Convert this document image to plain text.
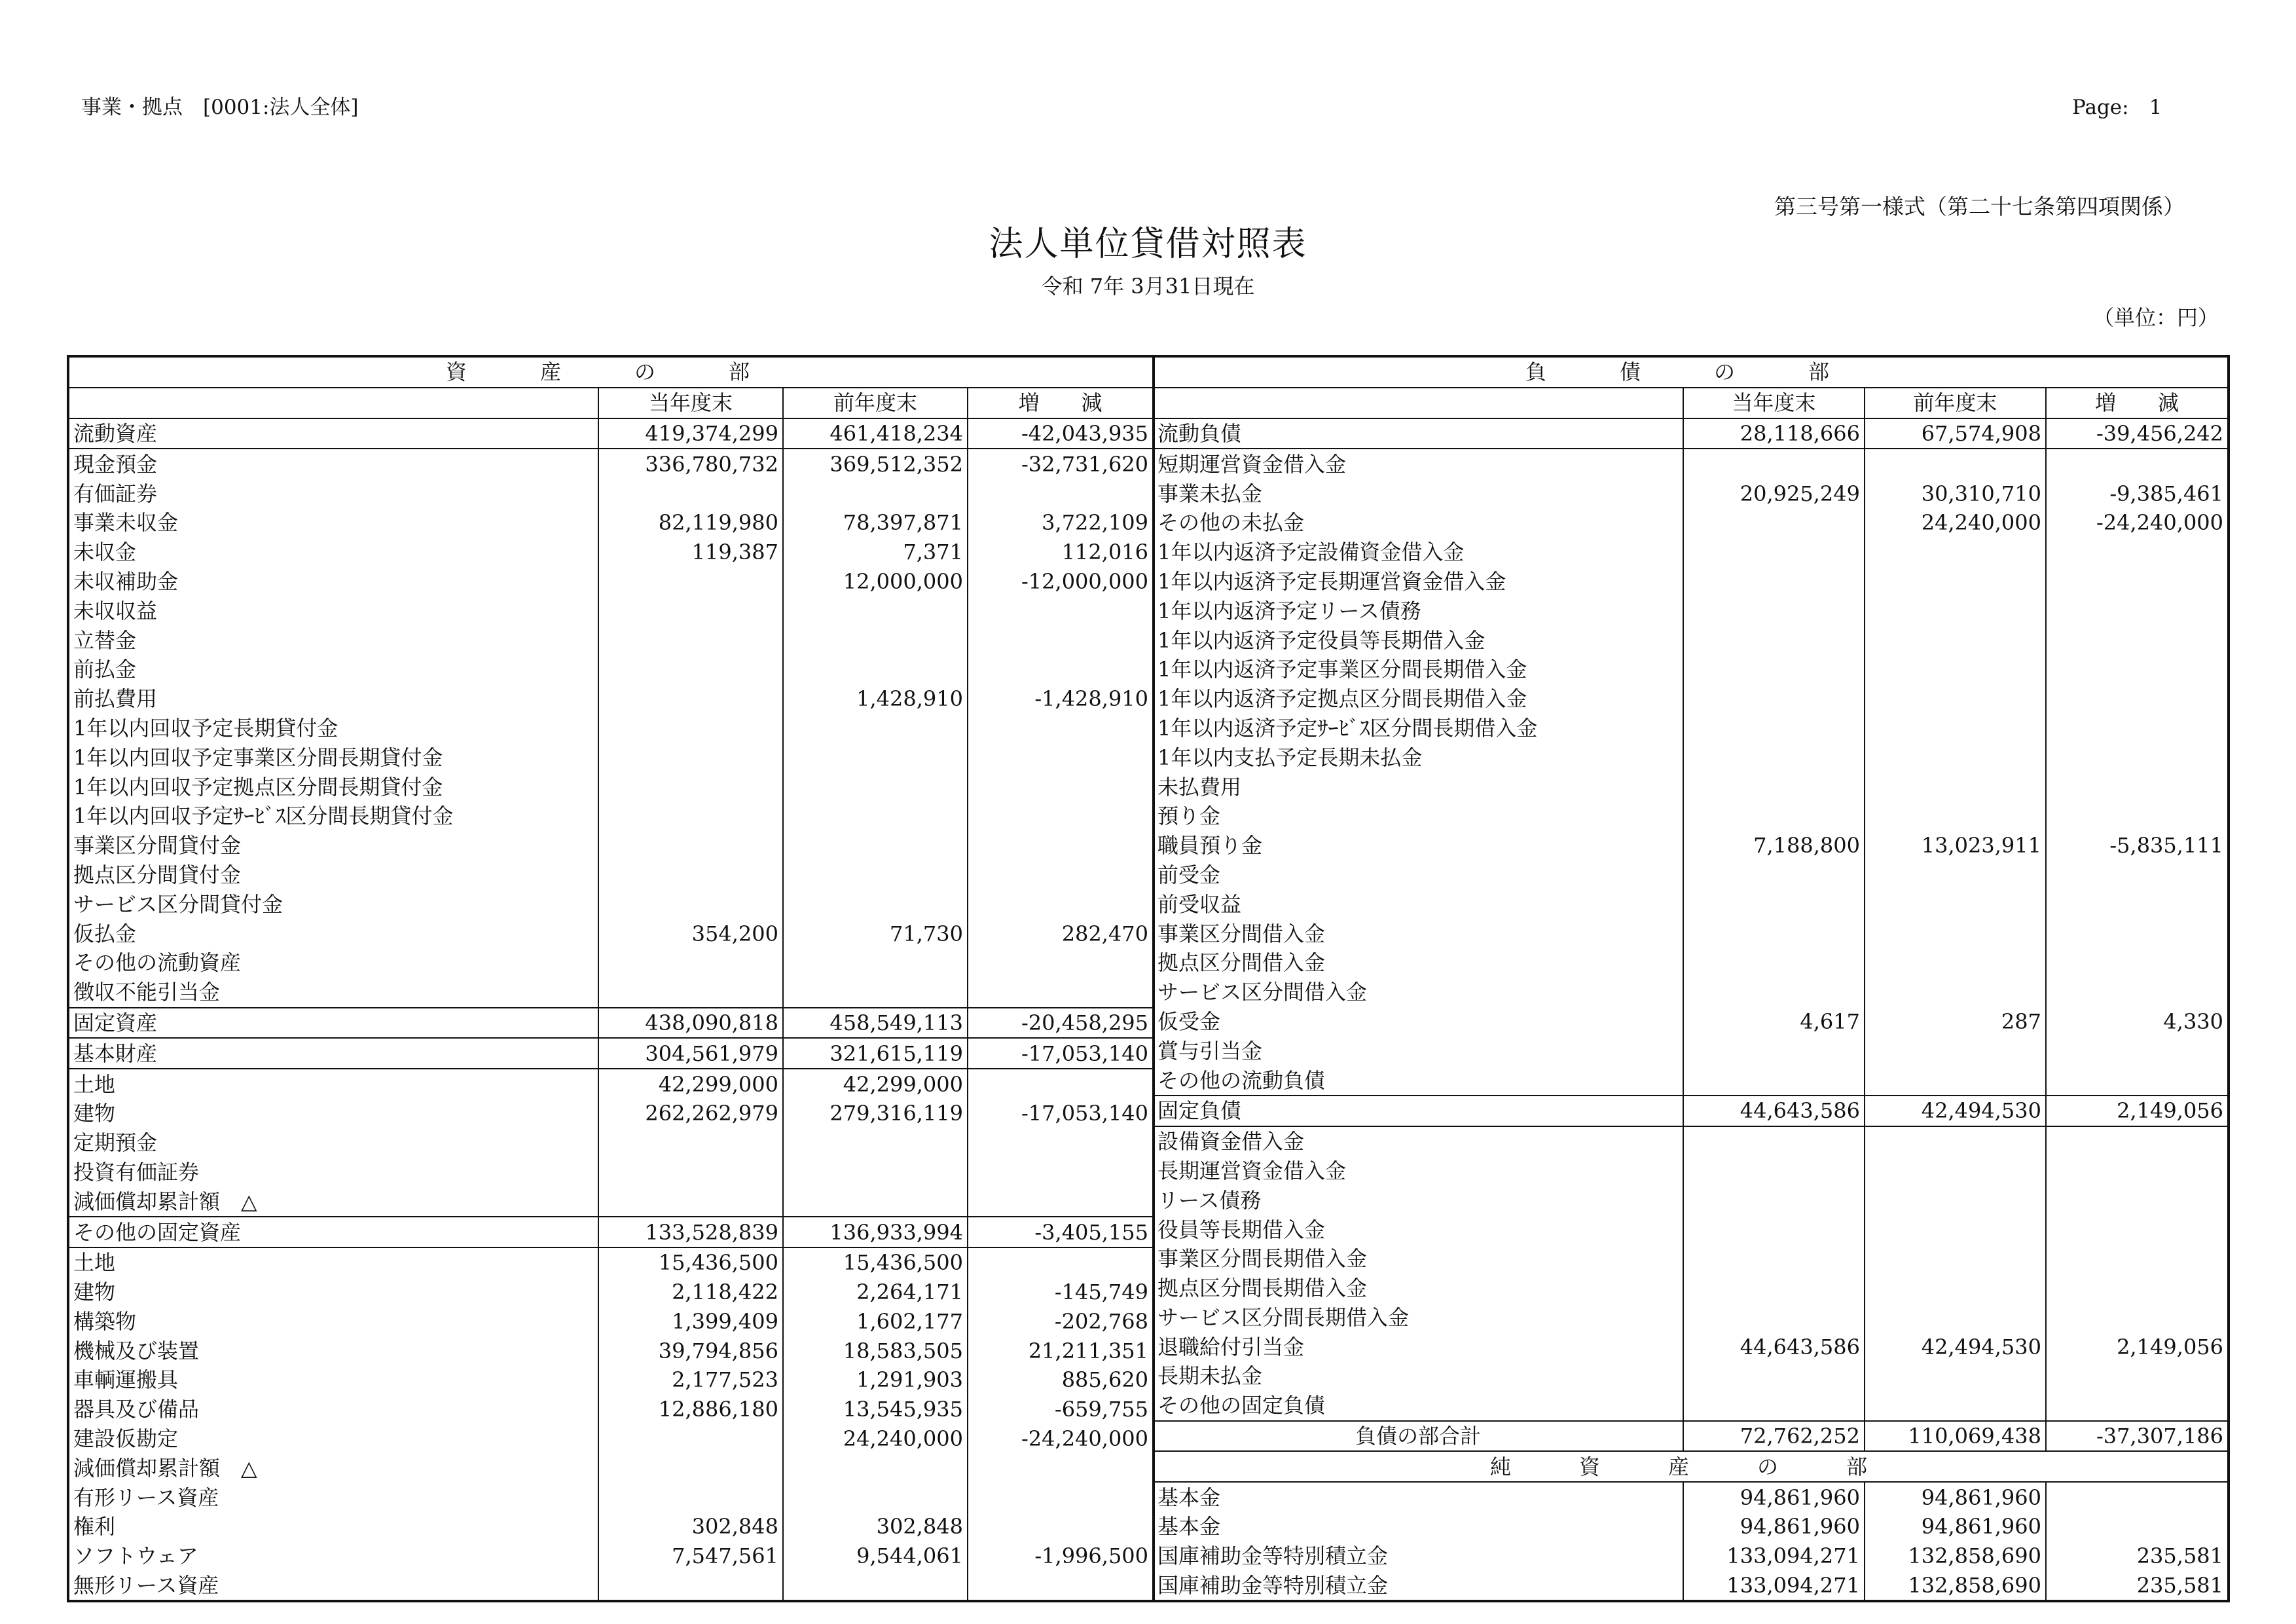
事業・拠点　[0001:法人全体]	Page:　1
第三号第一様式（第二十七条第四項関係）
法人単位貸借対照表
令和 7年 3月31日現在
（単位：円）
資　産　の　部			
	当年度末	前年度末	増　　減
流動資産	419,374,299	461,418,234	-42,043,935
現金預金	336,780,732	369,512,352	-32,731,620
有価証券			
事業未収金	82,119,980	78,397,871	3,722,109
未収金	119,387	7,371	112,016
未収補助金		12,000,000	-12,000,000
未収収益			
立替金			
前払金			
前払費用		1,428,910	-1,428,910
1年以内回収予定長期貸付金			
1年以内回収予定事業区分間長期貸付金			
1年以内回収予定拠点区分間長期貸付金			
1年以内回収予定ｻｰﾋﾞｽ区分間長期貸付金			
事業区分間貸付金			
拠点区分間貸付金			
サービス区分間貸付金			
仮払金	354,200	71,730	282,470
その他の流動資産			
徴収不能引当金			
固定資産	438,090,818	458,549,113	-20,458,295
基本財産	304,561,979	321,615,119	-17,053,140
土地	42,299,000	42,299,000	
建物	262,262,979	279,316,119	-17,053,140
定期預金			
投資有価証券			
減価償却累計額　△			
その他の固定資産	133,528,839	136,933,994	-3,405,155
土地	15,436,500	15,436,500	
建物	2,118,422	2,264,171	-145,749
構築物	1,399,409	1,602,177	-202,768
機械及び装置	39,794,856	18,583,505	21,211,351
車輌運搬具	2,177,523	1,291,903	885,620
器具及び備品	12,886,180	13,545,935	-659,755
建設仮勘定		24,240,000	-24,240,000
減価償却累計額　△			
有形リース資産			
権利	302,848	302,848	
ソフトウェア	7,547,561	9,544,061	-1,996,500
無形リース資産			
負　債　の　部			
	当年度末	前年度末	増　　減
流動負債	28,118,666	67,574,908	-39,456,242
短期運営資金借入金			
事業未払金	20,925,249	30,310,710	-9,385,461
その他の未払金		24,240,000	-24,240,000
1年以内返済予定設備資金借入金			
1年以内返済予定長期運営資金借入金			
1年以内返済予定リース債務			
1年以内返済予定役員等長期借入金			
1年以内返済予定事業区分間長期借入金			
1年以内返済予定拠点区分間長期借入金			
1年以内返済予定ｻｰﾋﾞｽ区分間長期借入金			
1年以内支払予定長期未払金			
未払費用			
預り金			
職員預り金	7,188,800	13,023,911	-5,835,111
前受金			
前受収益			
事業区分間借入金			
拠点区分間借入金			
サービス区分間借入金			
仮受金	4,617	287	4,330
賞与引当金			
その他の流動負債			
固定負債	44,643,586	42,494,530	2,149,056
設備資金借入金			
長期運営資金借入金			
リース債務			
役員等長期借入金			
事業区分間長期借入金			
拠点区分間長期借入金			
サービス区分間長期借入金			
退職給付引当金	44,643,586	42,494,530	2,149,056
長期未払金			
その他の固定負債			
負債の部合計	72,762,252	110,069,438	-37,307,186
純　資　産　の　部			
基本金	94,861,960	94,861,960	
基本金	94,861,960	94,861,960	
国庫補助金等特別積立金	133,094,271	132,858,690	235,581
国庫補助金等特別積立金	133,094,271	132,858,690	235,581
